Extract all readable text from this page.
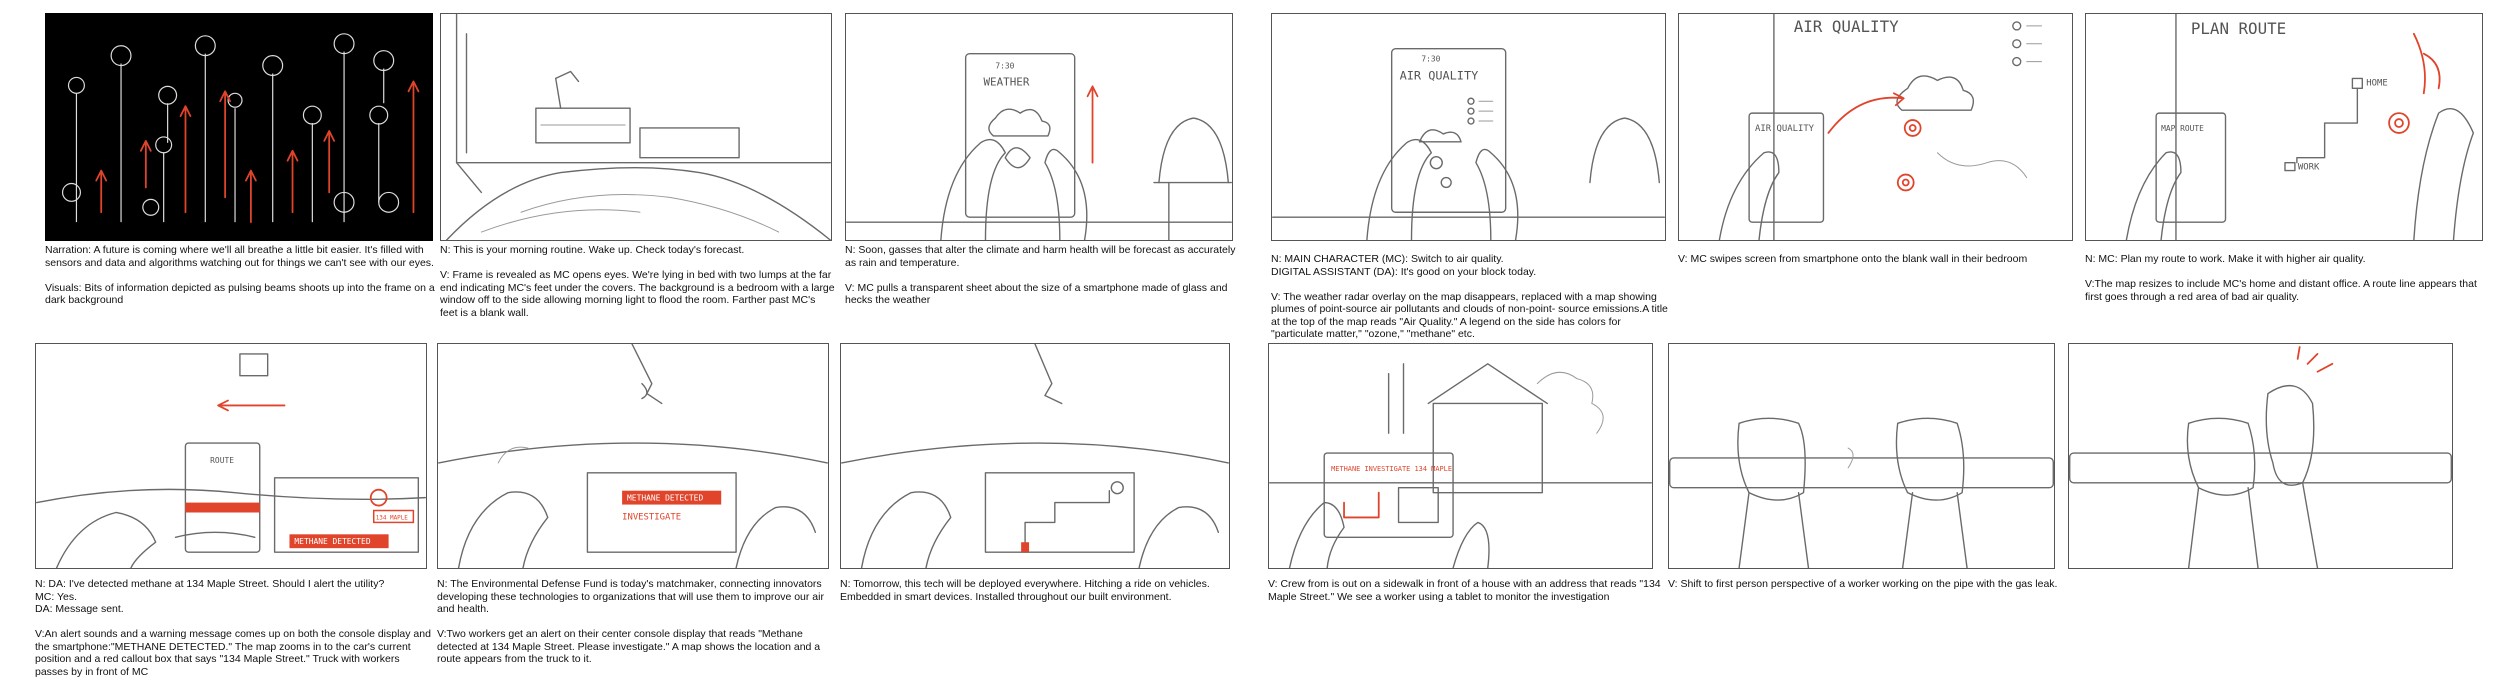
Narration: A future is coming where we'll all breathe a little bit easier. It's filled with sensors and data and algorithms watching out for things we can't see with our eyes.

Visuals: Bits of information depicted as pulsing beams shoots up into the frame on a dark background
N: This is your morning routine. Wake up. Check today's forecast.

V: Frame is revealed as MC opens eyes. We're lying in bed with two lumps at the far end indicating MC's feet under the covers. The background is a bedroom with a large window off to the side allowing morning light to flood the room. Farther past MC's feet is a blank wall.
7:30
WEATHER
N: Soon, gasses that alter the climate and harm health will be forecast as accurately as rain and temperature.

V: MC pulls a transparent sheet about the size of a smartphone made of glass and hecks the weather
7:30
AIR QUALITY
N: MAIN CHARACTER (MC): Switch to air quality.
DIGITAL ASSISTANT (DA): It's good on your block today.

V: The weather radar overlay on the map disappears, replaced with a map showing plumes of point-source air pollutants and clouds of non-point- source emissions.A title at the top of the map reads "Air Quality." A legend on the side has colors for "particulate matter," "ozone," "methane" etc.
AIR QUALITY
AIR QUALITY
V: MC swipes screen from smartphone onto the blank wall in their bedroom
PLAN ROUTE
MAP ROUTE
HOME
WORK
N: MC: Plan my route to work. Make it with higher air quality.

V:The map resizes to include MC's home and distant office. A route line appears that first goes through a red area of bad air quality.
ROUTE
134 MAPLE
METHANE DETECTED
N: DA: I've detected methane at 134 Maple Street. Should I alert the utility?
MC: Yes.
DA: Message sent.

V:An alert sounds and a warning message comes up on both the console display and the smartphone:"METHANE DETECTED." The map zooms in to the car's current position and a red callout box that says "134 Maple Street." Truck with workers passes by in front of MC
METHANE DETECTED
INVESTIGATE
N: The Environmental Defense Fund is today's matchmaker, connecting innovators developing these technologies to organizations that will use them to improve our air and health.

V:Two workers get an alert on their center console display that reads "Methane detected at 134 Maple Street. Please investigate." A map shows the location and a route appears from the truck to it.
N: Tomorrow, this tech will be deployed everywhere. Hitching a ride on vehicles. Embedded in smart devices. Installed throughout our built environment.
METHANE INVESTIGATE 134 MAPLE
V: Crew from is out on a sidewalk in front of a house with an address that reads "134 Maple Street." We see a worker using a tablet to monitor the investigation
V: Shift to first person perspective of a worker working on the pipe with the gas leak.
